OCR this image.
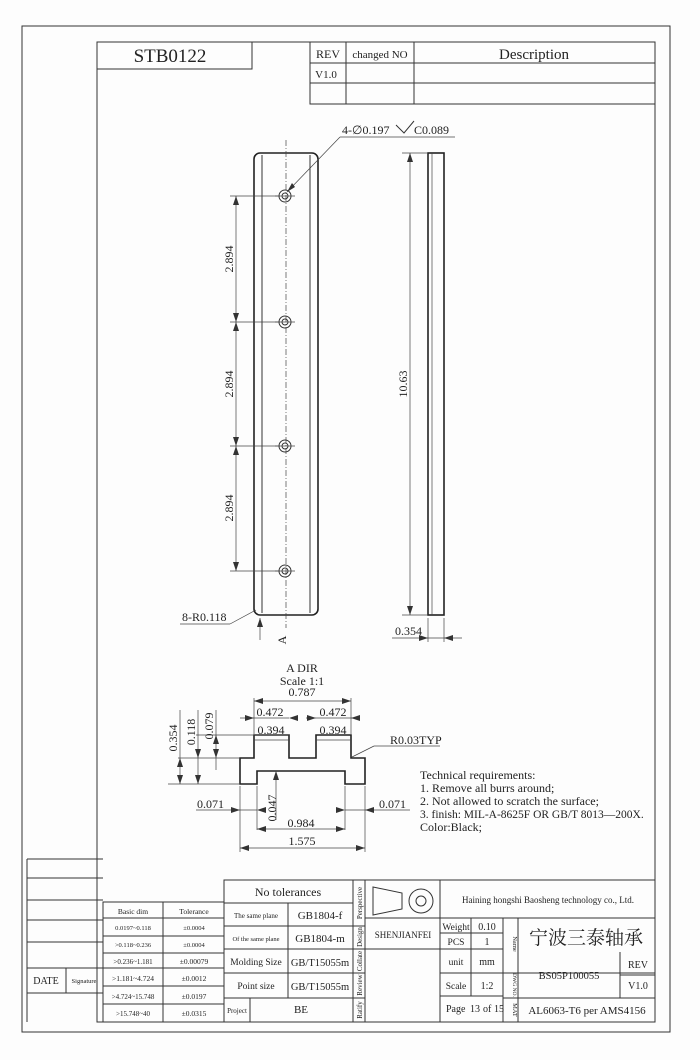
STB0122	REV changed NO	Description
V1.0
4-∅0.197 C0.089
2.894
2.894
2.894
8-R0.118
A
10.63
0.354
A DIR
Scale 1:1
0.787
0.472	0.472
0.394	0.394
0.354 0.118 0.079
R0.03TYP
0.071	0.071
0.047
0.984
1.575
Technical requirements:
1. Remove all burrs around;
2. Not allowed to scratch the surface;
3. finish: MIL-A-8625F OR GB/T 8013—200X.
Color:Black;
DATE Signature
Basic dim	Tolerance
0.0197~0.118	±0.0004
>0.118~0.236	±0.0004
>0.236~1.181	±0.00079
>1.181~4.724	±0.0012
>4.724~15.748	±0.0197
>15.748~40	±0.0315
No tolerances
The same plane GB1804-f
Of the same plane GB1804-m
Molding Size GB/T15055m
Point size GB/T15055m
Project	BE
Perspective
Design
Collate
Review
Ratify
Haining hongshi Baosheng technology co., Ltd.
SHENJIANFEI
Weight 0.10
PCS 1
unit mm
Scale 1:2
Name 宁波三泰轴承
DWG NO. BS05P100055
REV
V1.0
Page 13 of 15 MAT AL6063-T6 per AMS4156
